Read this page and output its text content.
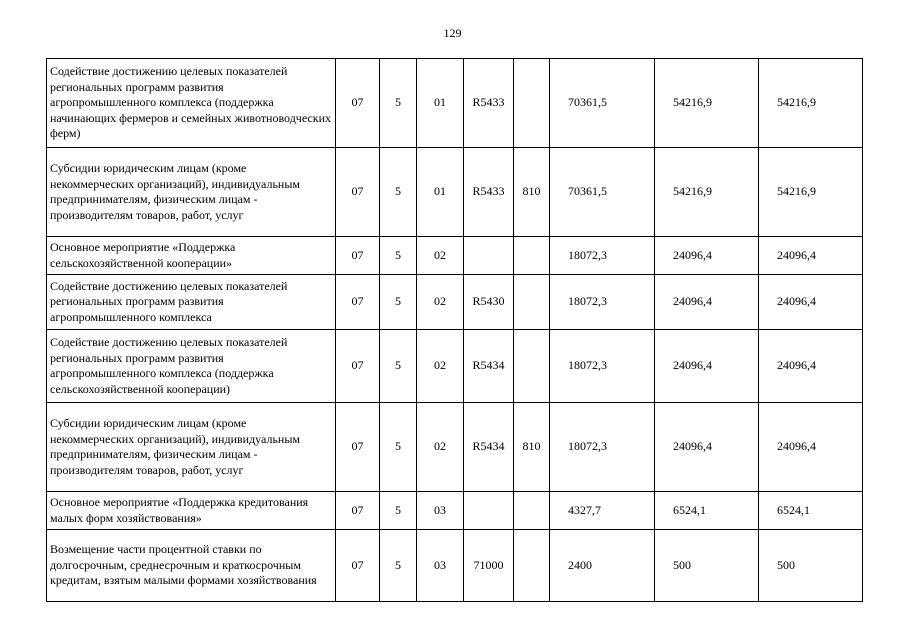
129
Содействие достижению целевых показателей региональных программ развития агропромышленного комплекса (поддержка начинающих фермеров и семейных животноводческих ферм)	07	5	01	R5433		70361,5	54216,9	54216,9
Субсидии юридическим лицам (кроме некоммерческих организаций), индивидуальным предпринимателям, физическим лицам - производителям товаров, работ, услуг	07	5	01	R5433	810	70361,5	54216,9	54216,9
Основное мероприятие «Поддержка сельскохозяйственной кооперации»	07	5	02			18072,3	24096,4	24096,4
Содействие достижению целевых показателей региональных программ развития агропромышленного комплекса	07	5	02	R5430		18072,3	24096,4	24096,4
Содействие достижению целевых показателей региональных программ развития агропромышленного комплекса (поддержка сельскохозяйственной кооперации)	07	5	02	R5434		18072,3	24096,4	24096,4
Субсидии юридическим лицам (кроме некоммерческих организаций), индивидуальным предпринимателям, физическим лицам - производителям товаров, работ, услуг	07	5	02	R5434	810	18072,3	24096,4	24096,4
Основное мероприятие «Поддержка кредитования малых форм хозяйствования»	07	5	03			4327,7	6524,1	6524,1
Возмещение части процентной ставки по долгосрочным, среднесрочным и краткосрочным кредитам, взятым малыми формами хозяйствования	07	5	03	71000		2400	500	500
